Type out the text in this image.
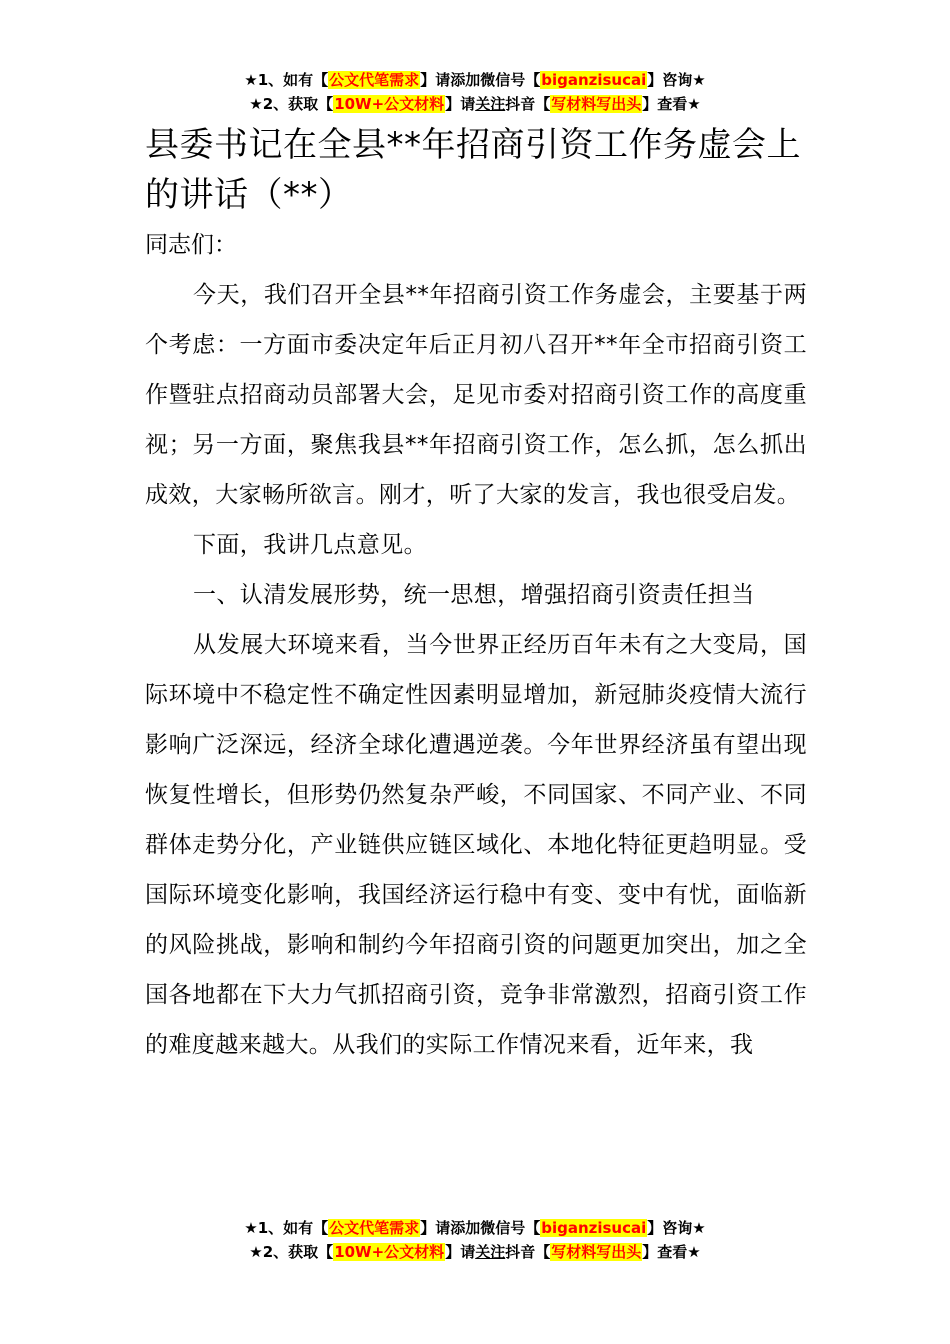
★1、如有【公文代笔需求】请添加微信号【biganzisucai】咨询★
★2、获取【10W+公文材料】请关注抖音【写材料写出头】查看★
县委书记在全县**年招商引资工作务虚会上的讲话（**）

同志们：

今天，我们召开全县**年招商引资工作务虚会，主要基于两个考虑：一方面市委决定年后正月初八召开**年全市招商引资工作暨驻点招商动员部署大会，足见市委对招商引资工作的高度重视；另一方面，聚焦我县**年招商引资工作，怎么抓，怎么抓出成效，大家畅所欲言。刚才，听了大家的发言，我也很受启发。

下面，我讲几点意见。

一、认清发展形势，统一思想，增强招商引资责任担当

从发展大环境来看，当今世界正经历百年未有之大变局，国际环境中不稳定性不确定性因素明显增加，新冠肺炎疫情大流行影响广泛深远，经济全球化遭遇逆袭。今年世界经济虽有望出现恢复性增长，但形势仍然复杂严峻，不同国家、不同产业、不同群体走势分化，产业链供应链区域化、本地化特征更趋明显。受国际环境变化影响，我国经济运行稳中有变、变中有忧，面临新的风险挑战，影响和制约今年招商引资的问题更加突出，加之全国各地都在下大力气抓招商引资，竞争非常激烈，招商引资工作的难度越来越大。从我们的实际工作情况来看，近年来，我

★1、如有【公文代笔需求】请添加微信号【biganzisucai】咨询★
★2、获取【10W+公文材料】请关注抖音【写材料写出头】查看★
